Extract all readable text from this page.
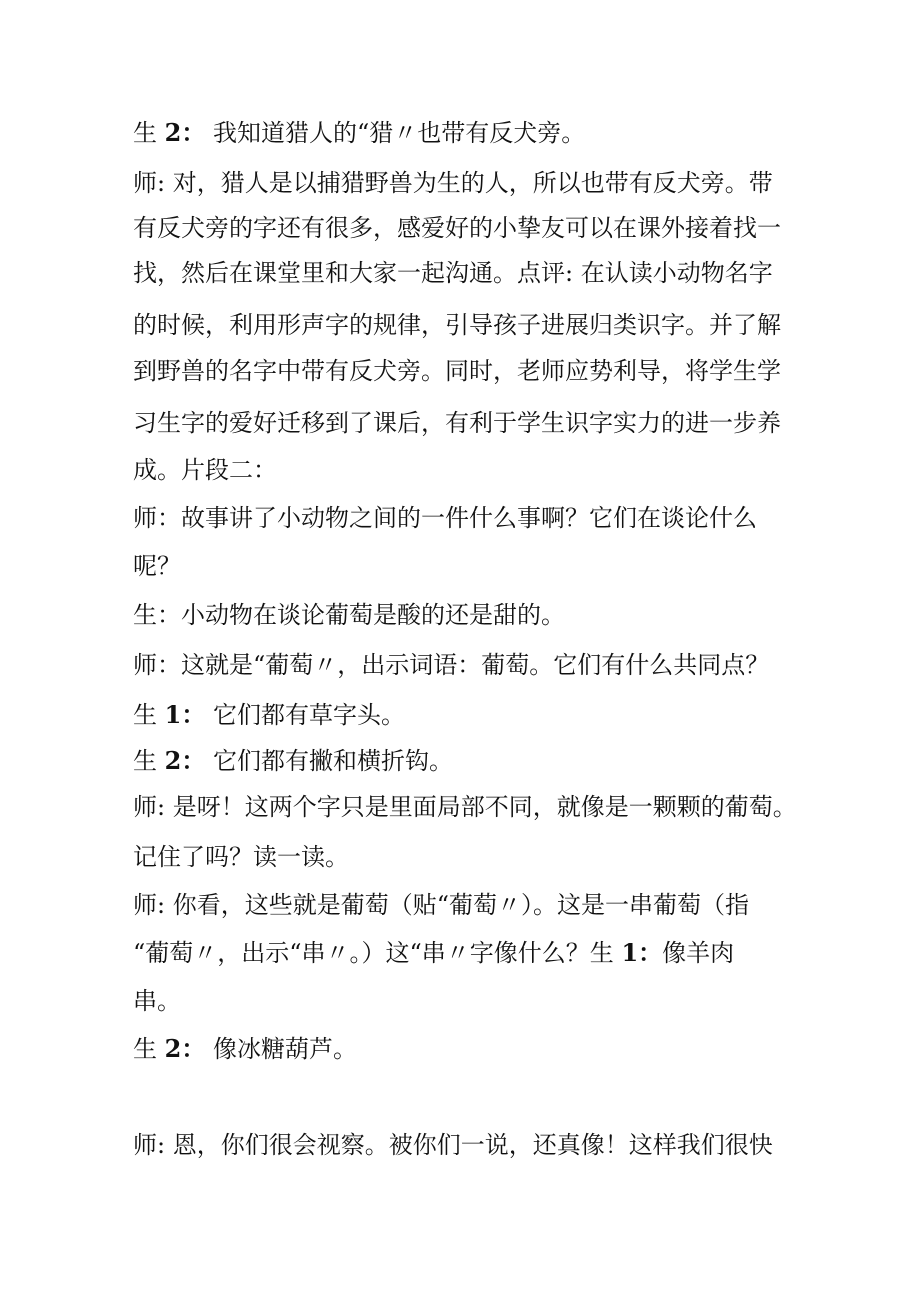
生 2： 我知道猎人的“猎〃也带有反犬旁。
师: 对，猎人是以捕猎野兽为生的人，所以也带有反犬旁。带
有反犬旁的字还有很多，感爱好的小挚友可以在课外接着找一
找，然后在课堂里和大家一起沟通。点评: 在认读小动物名字
的时候，利用形声字的规律，引导孩子进展归类识字。并了解
到野兽的名字中带有反犬旁。同时，老师应势利导，将学生学
习生字的爱好迁移到了课后，有利于学生识字实力的进一步养
成。片段二：
师：故事讲了小动物之间的一件什么事啊？它们在谈论什么
呢？
生：小动物在谈论葡萄是酸的还是甜的。
师：这就是“葡萄〃，出示词语：葡萄。它们有什么共同点？
生 1： 它们都有草字头。
生 2： 它们都有撇和横折钩。
师: 是呀！这两个字只是里面局部不同，就像是一颗颗的葡萄。
记住了吗？读一读。
师: 你看，这些就是葡萄（贴“葡萄〃）。这是一串葡萄（指
“葡萄〃，出示“串〃。）这“串〃字像什么？生 1：像羊肉
串。
生 2： 像冰糖葫芦。
师: 恩，你们很会视察。被你们一说，还真像！这样我们很快
